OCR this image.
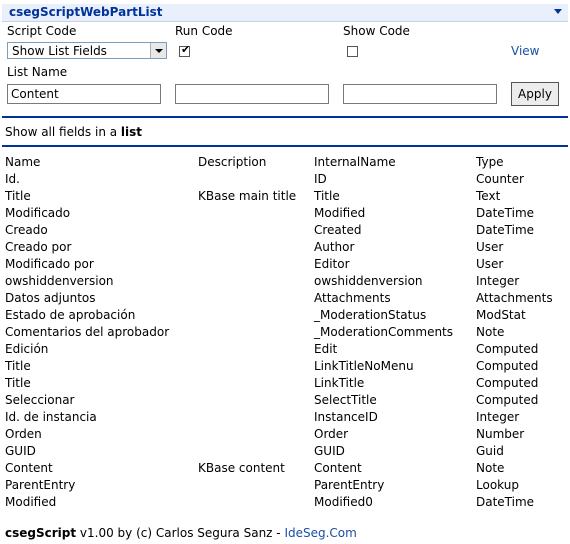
csegScriptWebPartList
Script Code	Run Code	Show Code
Show List Fields	✔	View
List Name
Content
Apply
Show all fields in a list
Name	Description	InternalName	Type
Id.		ID	Counter
Title	KBase main title	Title	Text
Modificado		Modified	DateTime
Creado		Created	DateTime
Creado por		Author	User
Modificado por		Editor	User
owshiddenversion		owshiddenversion	Integer
Datos adjuntos		Attachments	Attachments
Estado de aprobación		_ModerationStatus	ModStat
Comentarios del aprobador		_ModerationComments	Note
Edición		Edit	Computed
Title		LinkTitleNoMenu	Computed
Title		LinkTitle	Computed
Seleccionar		SelectTitle	Computed
Id. de instancia		InstanceID	Integer
Orden		Order	Number
GUID		GUID	Guid
Content	KBase content	Content	Note
ParentEntry		ParentEntry	Lookup
Modified		Modified0	DateTime
csegScript v1.00 by (c) Carlos Segura Sanz - IdeSeg.Com
